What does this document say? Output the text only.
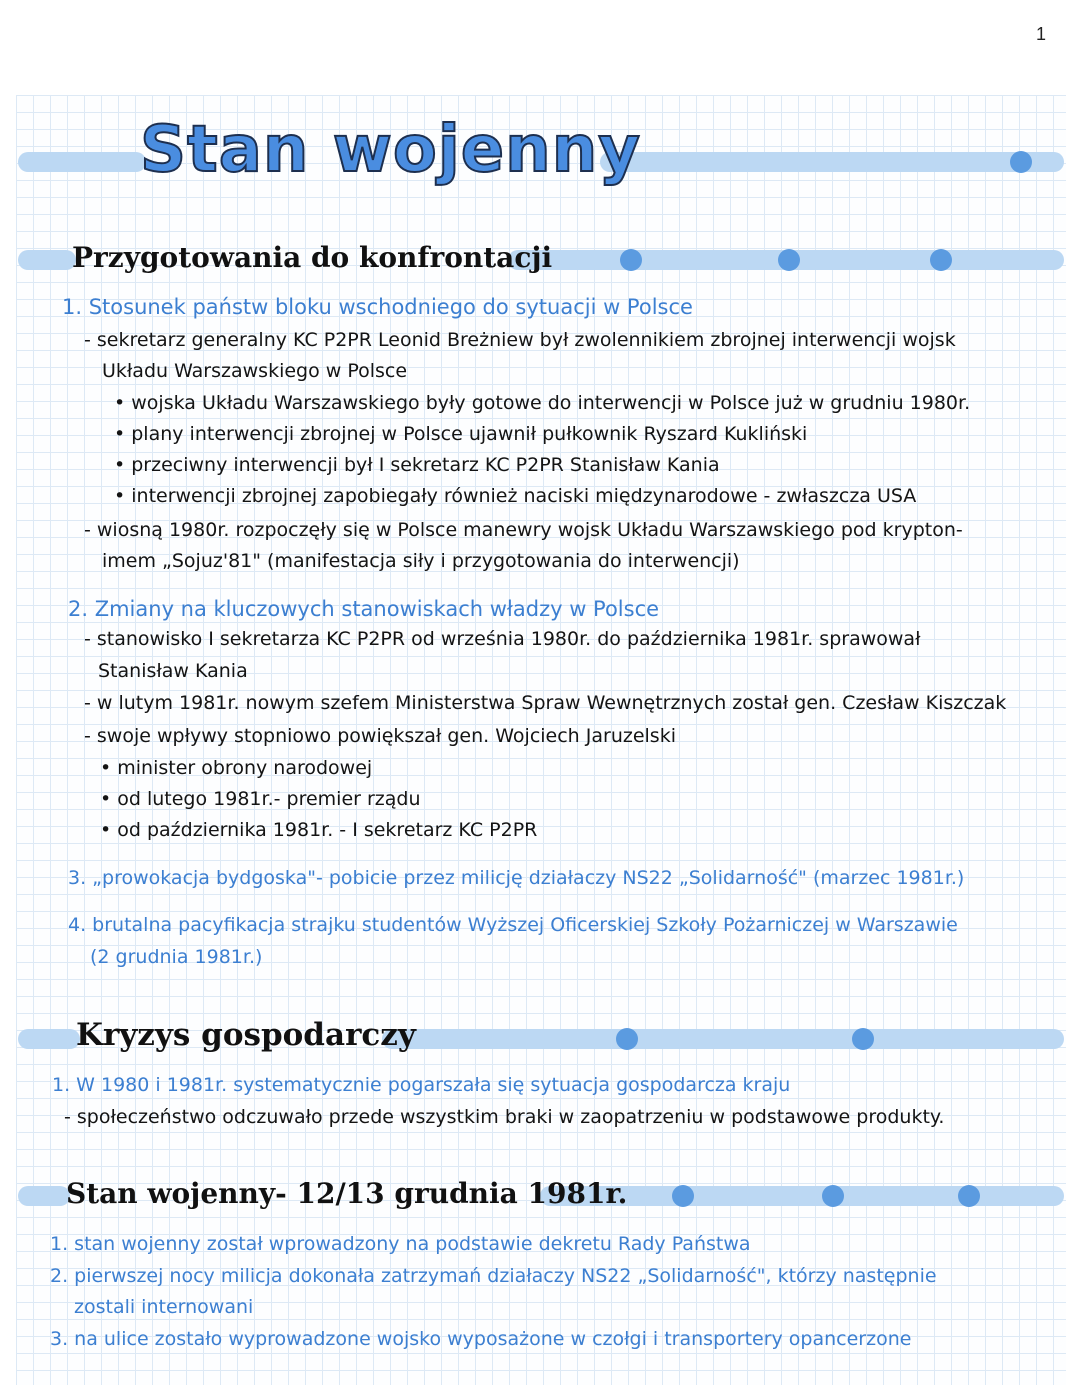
1
Stan wojenny
Przygotowania do konfrontacji

1. Stosunek państw bloku wschodniego do sytuacji w Polsce

- sekretarz generalny KC P2PR Leonid Breżniew był zwolennikiem zbrojnej interwencji wojsk

Układu Warszawskiego w Polsce

• wojska Układu Warszawskiego były gotowe do interwencji w Polsce już w grudniu 1980r.

• plany interwencji zbrojnej w Polsce ujawnił pułkownik Ryszard Kukliński

• przeciwny interwencji był I sekretarz KC P2PR Stanisław Kania

• interwencji zbrojnej zapobiegały również naciski międzynarodowe - zwłaszcza USA

- wiosną 1980r. rozpoczęły się w Polsce manewry wojsk Układu Warszawskiego pod krypton-

imem „Sojuz'81" (manifestacja siły i przygotowania do interwencji)

2. Zmiany na kluczowych stanowiskach władzy w Polsce

- stanowisko I sekretarza KC P2PR od września 1980r. do października 1981r. sprawował

Stanisław Kania

- w lutym 1981r. nowym szefem Ministerstwa Spraw Wewnętrznych został gen. Czesław Kiszczak

- swoje wpływy stopniowo powiększał gen. Wojciech Jaruzelski

• minister obrony narodowej

• od lutego 1981r.- premier rządu

• od października 1981r. - I sekretarz KC P2PR

3. „prowokacja bydgoska"- pobicie przez milicję działaczy NS22 „Solidarność" (marzec 1981r.)

4. brutalna pacyfikacja strajku studentów Wyższej Oficerskiej Szkoły Pożarniczej w Warszawie

(2 grudnia 1981r.)

Kryzys gospodarczy

1. W 1980 i 1981r. systematycznie pogarszała się sytuacja gospodarcza kraju

- społeczeństwo odczuwało przede wszystkim braki w zaopatrzeniu w podstawowe produkty.

Stan wojenny- 12/13 grudnia 1981r.

1. stan wojenny został wprowadzony na podstawie dekretu Rady Państwa

2. pierwszej nocy milicja dokonała zatrzymań działaczy NS22 „Solidarność", którzy następnie

zostali internowani

3. na ulice zostało wyprowadzone wojsko wyposażone w czołgi i transportery opancerzone
